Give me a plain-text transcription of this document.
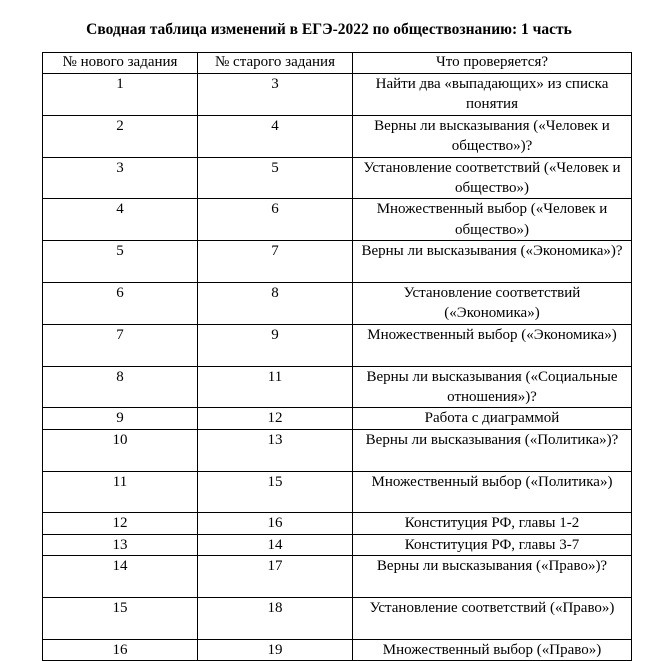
Сводная таблица изменений в ЕГЭ-2022 по обществознанию: 1 часть
№ нового задания	№ старого задания	Что проверяется?
1	3	Найти два «выпадающих» из списка понятия
2	4	Верны ли высказывания («Человек и общество»)?
3	5	Установление соответствий («Человек и общество»)
4	6	Множественный выбор («Человек и общество»)
5	7	Верны ли высказывания («Экономика»)?
6	8	Установление соответствий («Экономика»)
7	9	Множественный выбор («Экономика»)
8	11	Верны ли высказывания («Социальные отношения»)?
9	12	Работа с диаграммой
10	13	Верны ли высказывания («Политика»)?
11	15	Множественный выбор («Политика»)
12	16	Конституция РФ, главы 1-2
13	14	Конституция РФ, главы 3-7
14	17	Верны ли высказывания («Право»)?
15	18	Установление соответствий («Право»)
16	19	Множественный выбор («Право»)
